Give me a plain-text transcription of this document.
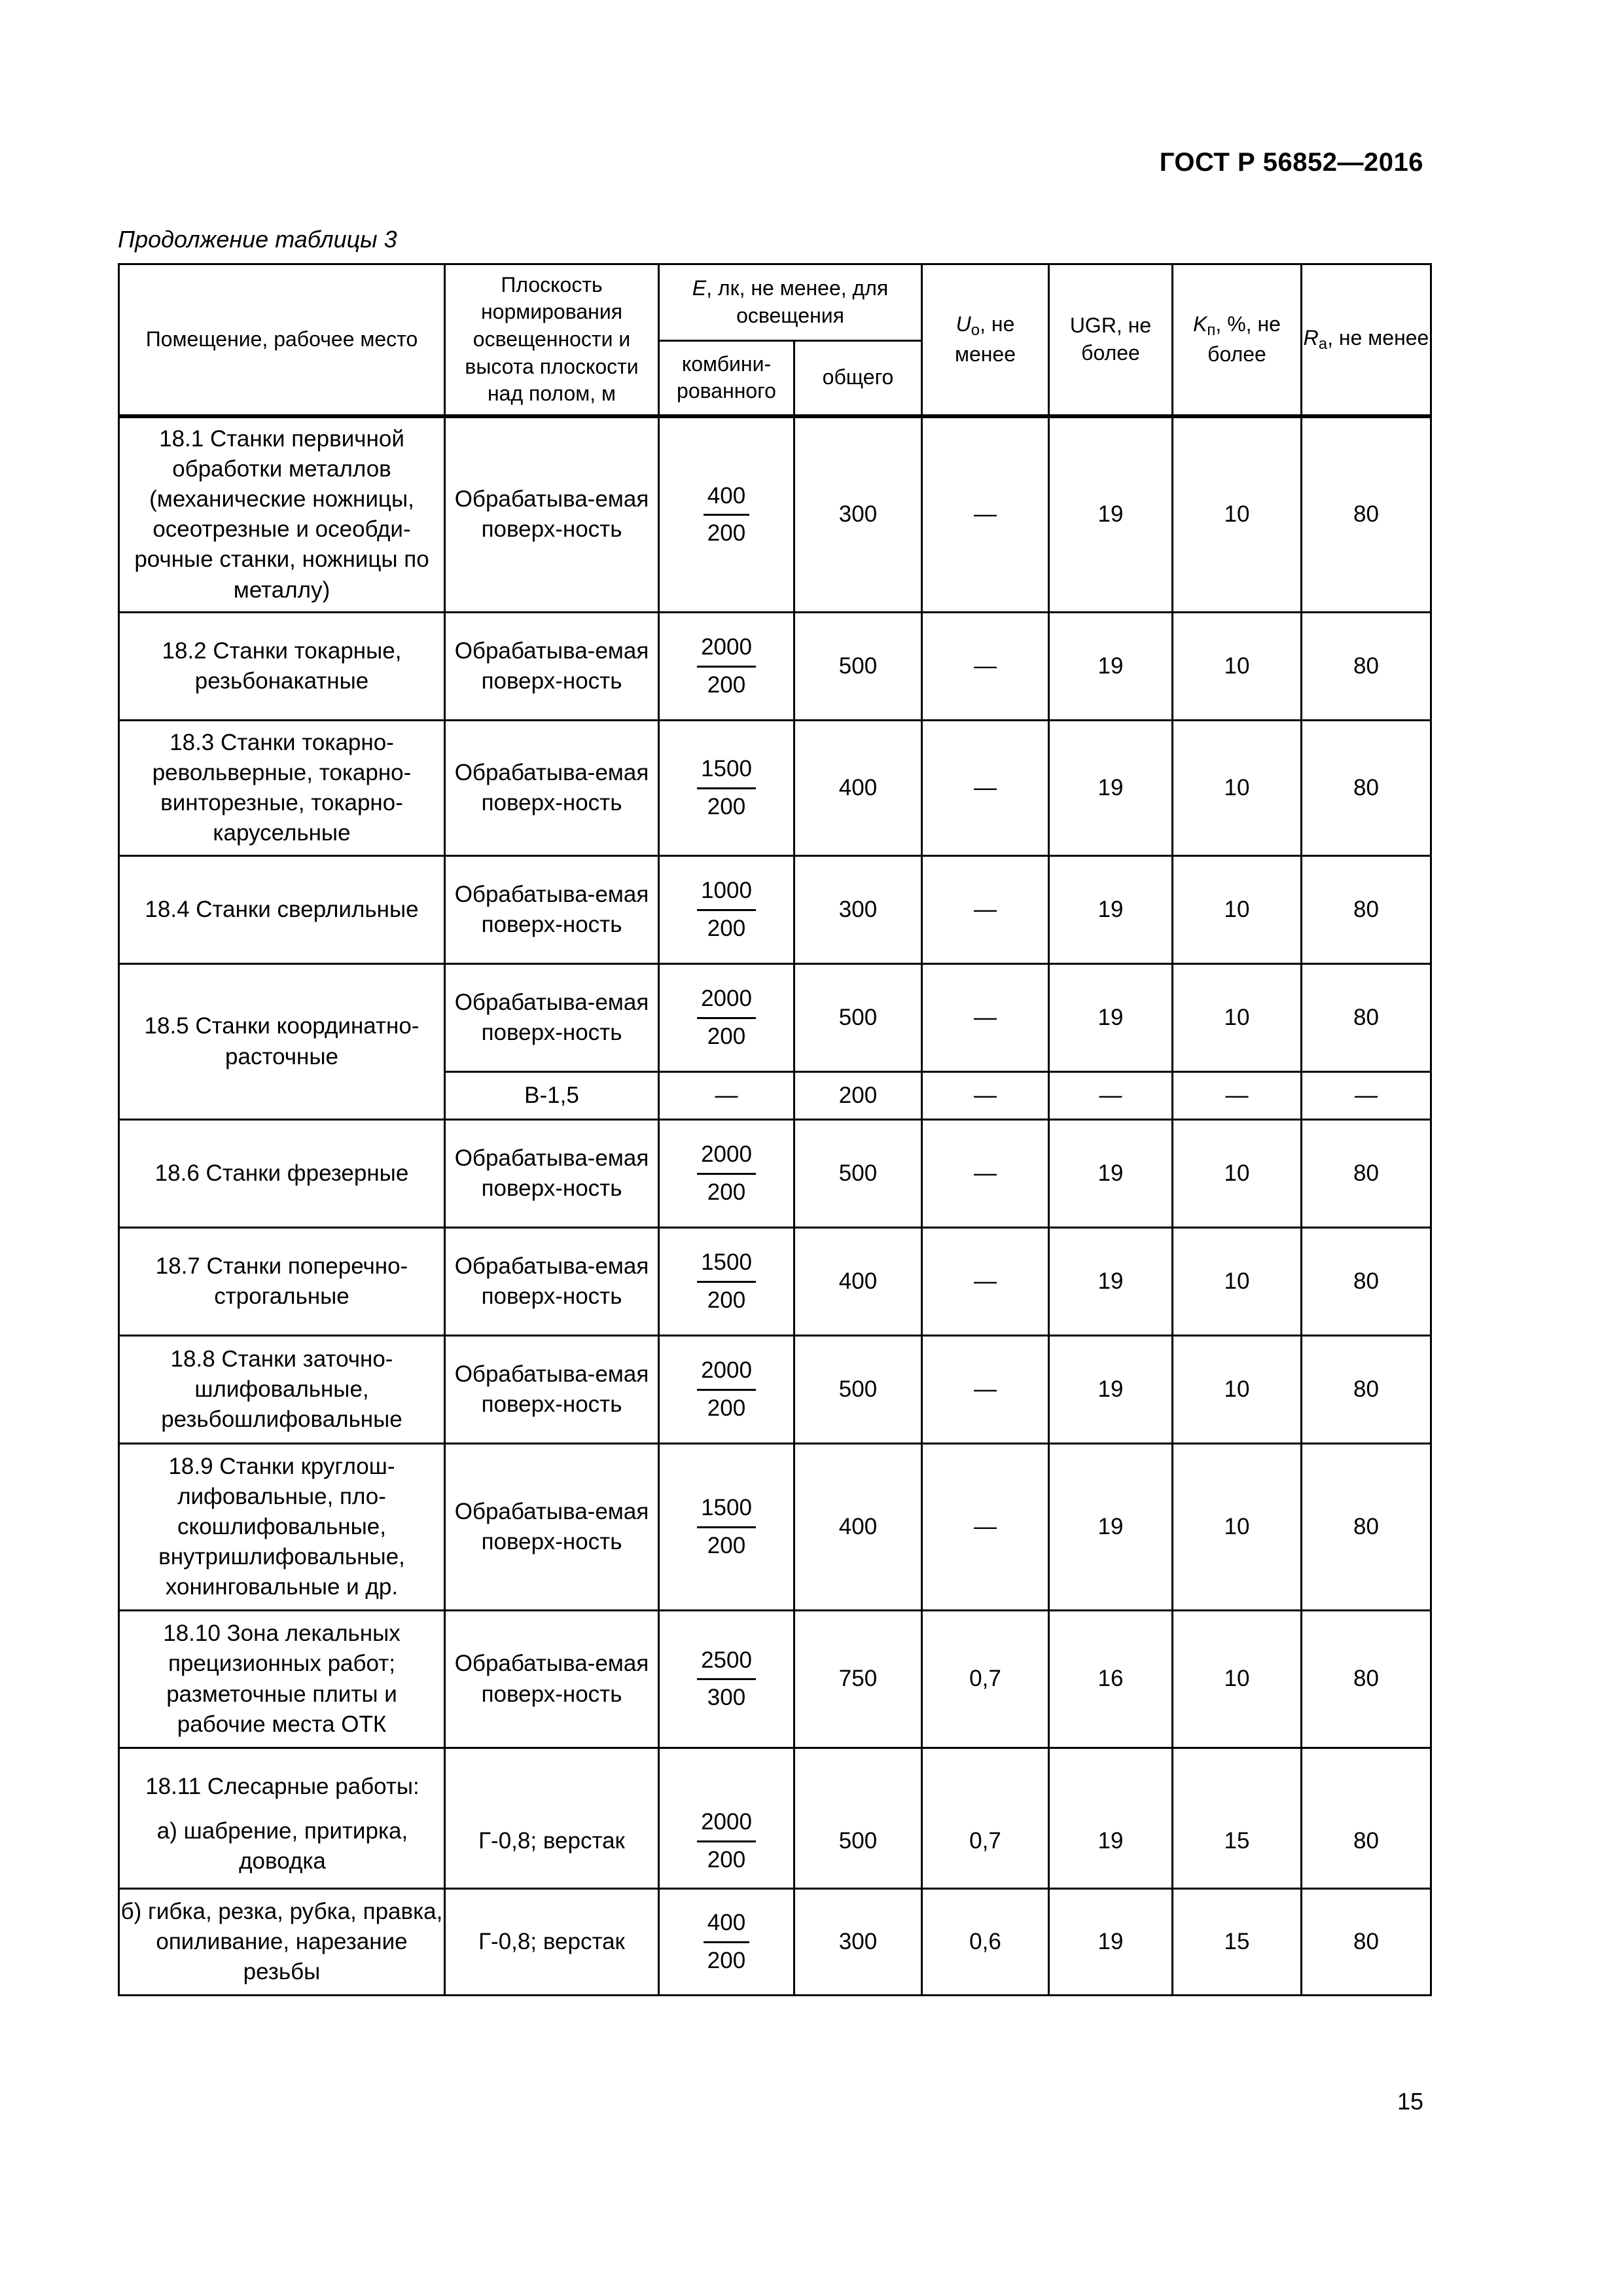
ГОСТ Р 56852—2016
Продолжение таблицы 3
Помещение, рабочее место	Плоскость нормирования освещенности и высота плоскости над полом, м	E, лк, не менее, для освещения		$U_o$, не менее	UGR, не более	$K_п$, %, не более	$R_a$, не менее
		комбини-рованного	общего				
18.1 Станки первичной обработки металлов (механические ножницы, осеотрезные и осеобди-рочные станки, ножницы по металлу)	Обрабатыва-емая поверх-ность	$\frac{400}{200}$	300	—	19	10	80
18.2 Станки токарные, резьбонакатные	Обрабатыва-емая поверх-ность	$\frac{2000}{200}$	500	—	19	10	80
18.3 Станки токарно-револьверные, токарно-винторезные, токарно-карусельные	Обрабатыва-емая поверх-ность	$\frac{1500}{200}$	400	—	19	10	80
18.4 Станки сверлильные	Обрабатыва-емая поверх-ность	$\frac{1000}{200}$	300	—	19	10	80
18.5 Станки координатно-расточные	Обрабатыва-емая поверх-ность	$\frac{2000}{200}$	500	—	19	10	80
	В-1,5	—	200	—	—	—	—
18.6 Станки фрезерные	Обрабатыва-емая поверх-ность	$\frac{2000}{200}$	500	—	19	10	80
18.7 Станки поперечно-строгальные	Обрабатыва-емая поверх-ность	$\frac{1500}{200}$	400	—	19	10	80
18.8 Станки заточно-шлифовальные, резьбошлифовальные	Обрабатыва-емая поверх-ность	$\frac{2000}{200}$	500	—	19	10	80
18.9 Станки круглош-лифовальные, пло-скошлифовальные, внутришлифовальные, хонинговальные и др.	Обрабатыва-емая поверх-ность	$\frac{1500}{200}$	400	—	19	10	80
18.10 Зона лекальных прецизионных работ; разметочные плиты и рабочие места ОТК	Обрабатыва-емая поверх-ность	$\frac{2500}{300}$	750	0,7	16	10	80

18.11 Слесарные работы:
а) шабрение, притирка, доводка	Г-0,8; верстак	$\frac{2000}{200}$	500	0,7	19	15	80
б) гибка, резка, рубка, правка, опиливание, нарезание резьбы	Г-0,8; верстак	$\frac{400}{200}$	300	0,6	19	15	80
15
